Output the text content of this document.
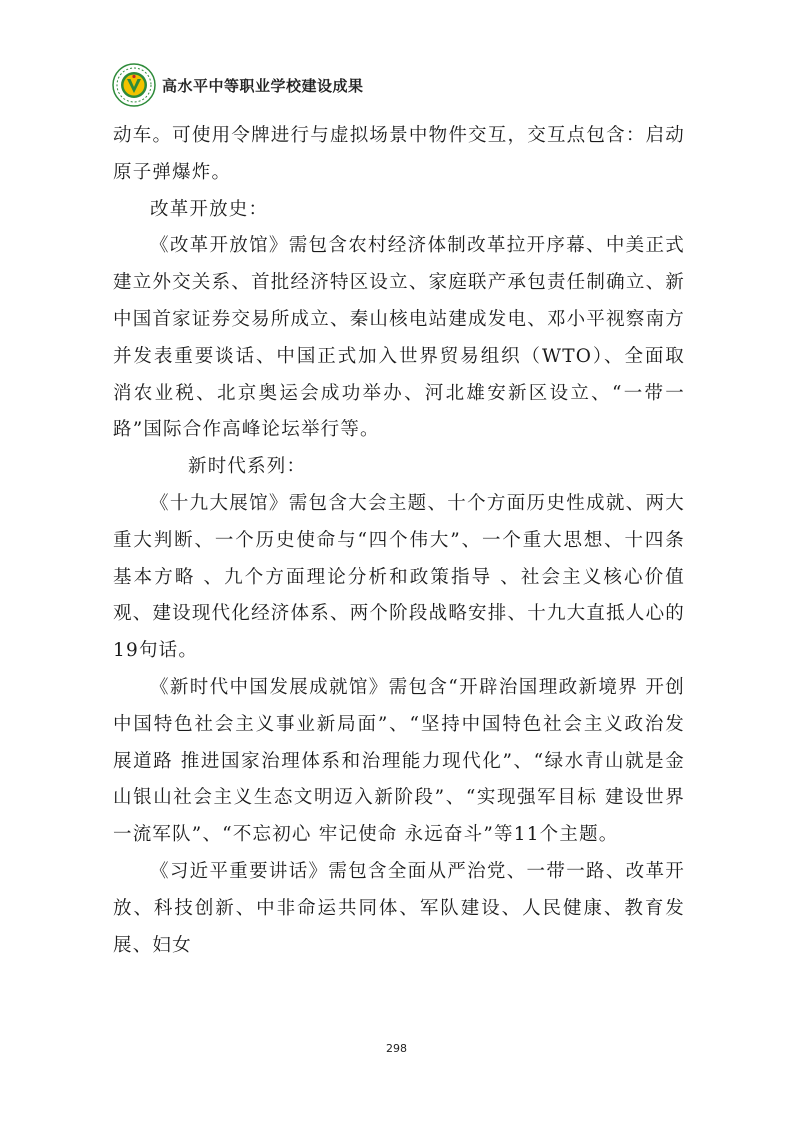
高水平中等职业学校建设成果

动车。可使用令牌进行与虚拟场景中物件交互，交互点包含：启动原子弹爆炸。

改革开放史：

《改革开放馆》需包含农村经济体制改革拉开序幕、中美正式建立外交关系、首批经济特区设立、家庭联产承包责任制确立、新中国首家证券交易所成立、秦山核电站建成发电、邓小平视察南方并发表重要谈话、中国正式加入世界贸易组织（WTO）、全面取消农业税、北京奥运会成功举办、河北雄安新区设立、“一带一路”国际合作高峰论坛举行等。

新时代系列：

《十九大展馆》需包含大会主题、十个方面历史性成就、两大重大判断、一个历史使命与“四个伟大”、一个重大思想、十四条基本方略 、九个方面理论分析和政策指导 、社会主义核心价值观、建设现代化经济体系、两个阶段战略安排、十九大直抵人心的19句话。

《新时代中国发展成就馆》需包含“开辟治国理政新境界 开创中国特色社会主义事业新局面”、“坚持中国特色社会主义政治发展道路 推进国家治理体系和治理能力现代化”、“绿水青山就是金山银山社会主义生态文明迈入新阶段”、“实现强军目标 建设世界一流军队”、“不忘初心 牢记使命 永远奋斗”等11个主题。

《习近平重要讲话》需包含全面从严治党、一带一路、改革开放、科技创新、中非命运共同体、军队建设、人民健康、教育发展、妇女

298
